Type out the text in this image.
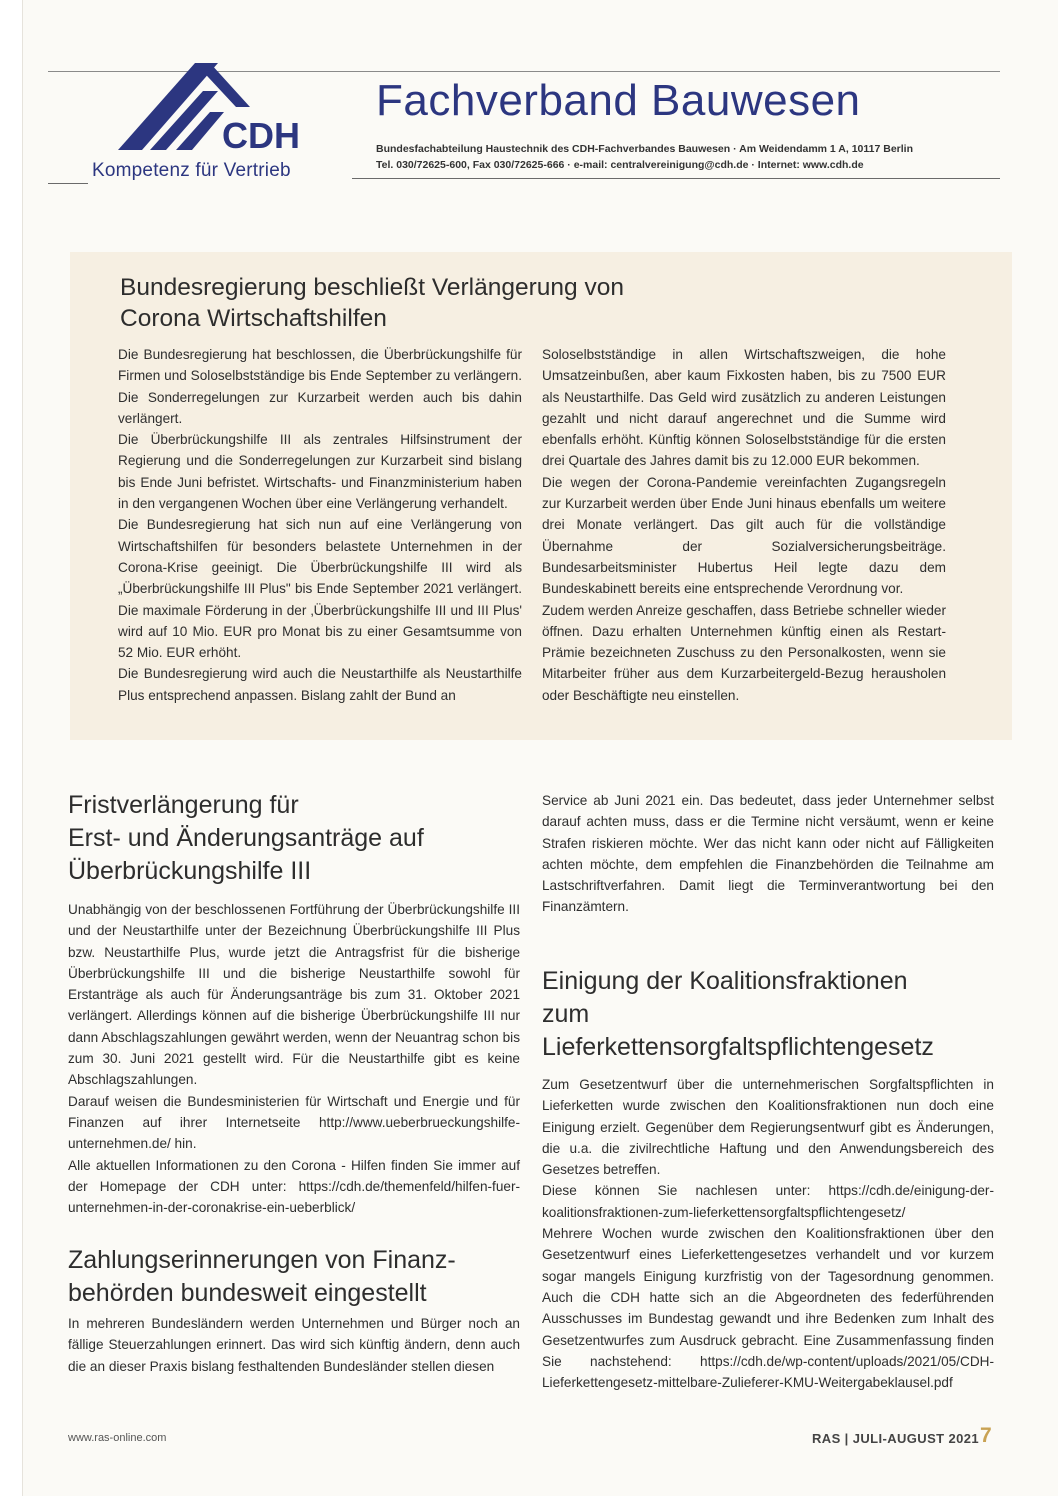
CDH
Kompetenz für Vertrieb
Fachverband Bauwesen
Bundesfachabteilung Haustechnik des CDH-Fachverbandes Bauwesen · Am Weidendamm 1 A, 10117 Berlin
Tel. 030/72625-600, Fax 030/72625-666 · e-mail: centralvereinigung@cdh.de · Internet: www.cdh.de
Bundesregierung beschließt Verlängerung von
Corona Wirtschaftshilfen

Die Bundesregierung hat beschlossen, die Überbrückungshilfe für Firmen und Soloselbstständige bis Ende September zu verlängern. Die Sonderregelungen zur Kurzarbeit werden auch bis dahin verlängert.

Die Überbrückungshilfe III als zentrales Hilfsinstrument der Regierung und die Sonderregelungen zur Kurzarbeit sind bislang bis Ende Juni befristet. Wirtschafts- und Finanzministerium haben in den vergangenen Wochen über eine Verlängerung verhandelt.

Die Bundesregierung hat sich nun auf eine Verlängerung von Wirtschaftshilfen für besonders belastete Unternehmen in der Corona-Krise geeinigt. Die Überbrückungshilfe III wird als „Überbrückungshilfe III Plus" bis Ende September 2021 verlängert. Die maximale Förderung in der ‚Überbrückungshilfe III und III Plus' wird auf 10 Mio. EUR pro Monat bis zu einer Gesamtsumme von 52 Mio. EUR erhöht.

Die Bundesregierung wird auch die Neustarthilfe als Neustarthilfe Plus entsprechend anpassen. Bislang zahlt der Bund an

Soloselbstständige in allen Wirtschaftszweigen, die hohe Umsatzeinbußen, aber kaum Fixkosten haben, bis zu 7500 EUR als Neustarthilfe. Das Geld wird zusätzlich zu anderen Leistungen gezahlt und nicht darauf angerechnet und die Summe wird ebenfalls erhöht. Künftig können Soloselbstständige für die ersten drei Quartale des Jahres damit bis zu 12.000 EUR bekommen.

Die wegen der Corona-Pandemie vereinfachten Zugangsregeln zur Kurzarbeit werden über Ende Juni hinaus ebenfalls um weitere drei Monate verlängert. Das gilt auch für die vollständige Übernahme der Sozialversicherungsbeiträge. Bundesarbeitsminister Hubertus Heil legte dazu dem Bundeskabinett bereits eine entsprechende Verordnung vor.

Zudem werden Anreize geschaffen, dass Betriebe schneller wieder öffnen. Dazu erhalten Unternehmen künftig einen als Restart-Prämie bezeichneten Zuschuss zu den Personalkosten, wenn sie Mitarbeiter früher aus dem Kurzarbeitergeld-Bezug herausholen oder Beschäftigte neu einstellen.

Fristverlängerung für
Erst- und Änderungsanträge auf
Überbrückungshilfe III

Unabhängig von der beschlossenen Fortführung der Überbrückungshilfe III und der Neustarthilfe unter der Bezeichnung Überbrückungshilfe III Plus bzw. Neustarthilfe Plus, wurde jetzt die Antragsfrist für die bisherige Überbrückungshilfe III und die bisherige Neustarthilfe sowohl für Erstanträge als auch für Änderungsanträge bis zum 31. Oktober 2021 verlängert. Allerdings können auf die bisherige Überbrückungshilfe III nur dann Abschlagszahlungen gewährt werden, wenn der Neuantrag schon bis zum 30. Juni 2021 gestellt wird. Für die Neustarthilfe gibt es keine Abschlagszahlungen.

Darauf weisen die Bundesministerien für Wirtschaft und Energie und für Finanzen auf ihrer Internetseite http://www.ueberbrueckungshilfe-unternehmen.de/ hin.

Alle aktuellen Informationen zu den Corona - Hilfen finden Sie immer auf der Homepage der CDH unter: https://cdh.de/themenfeld/hilfen-fuer-unternehmen-in-der-coronakrise-ein-ueberblick/

Zahlungserinnerungen von Finanz-
behörden bundesweit eingestellt

In mehreren Bundesländern werden Unternehmen und Bürger noch an fällige Steuerzahlungen erinnert. Das wird sich künftig ändern, denn auch die an dieser Praxis bislang festhaltenden Bundesländer stellen diesen

Service ab Juni 2021 ein. Das bedeutet, dass jeder Unternehmer selbst darauf achten muss, dass er die Termine nicht versäumt, wenn er keine Strafen riskieren möchte. Wer das nicht kann oder nicht auf Fälligkeiten achten möchte, dem empfehlen die Finanzbehörden die Teilnahme am Lastschriftverfahren. Damit liegt die Terminverantwortung bei den Finanzämtern.

Einigung der Koalitionsfraktionen
zum
Lieferkettensorgfaltspflichtengesetz

Zum Gesetzentwurf über die unternehmerischen Sorgfaltspflichten in Lieferketten wurde zwischen den Koalitionsfraktionen nun doch eine Einigung erzielt. Gegenüber dem Regierungsentwurf gibt es Änderungen, die u.a. die zivilrechtliche Haftung und den Anwendungsbereich des Gesetzes betreffen.

Diese können Sie nachlesen unter: https://cdh.de/einigung-der-koalitionsfraktionen-zum-lieferkettensorgfaltspflichtengesetz/

Mehrere Wochen wurde zwischen den Koalitionsfraktionen über den Gesetzentwurf eines Lieferkettengesetzes verhandelt und vor kurzem sogar mangels Einigung kurzfristig von der Tagesordnung genommen. Auch die CDH hatte sich an die Abgeordneten des federführenden Ausschusses im Bundestag gewandt und ihre Bedenken zum Inhalt des Gesetzentwurfes zum Ausdruck gebracht. Eine Zusammenfassung finden Sie nachstehend: https://cdh.de/wp-content/uploads/2021/05/CDH-Lieferkettengesetz-mittelbare-Zulieferer-KMU-Weitergabeklausel.pdf

www.ras-online.com	RAS | JULI-AUGUST 2021 7
